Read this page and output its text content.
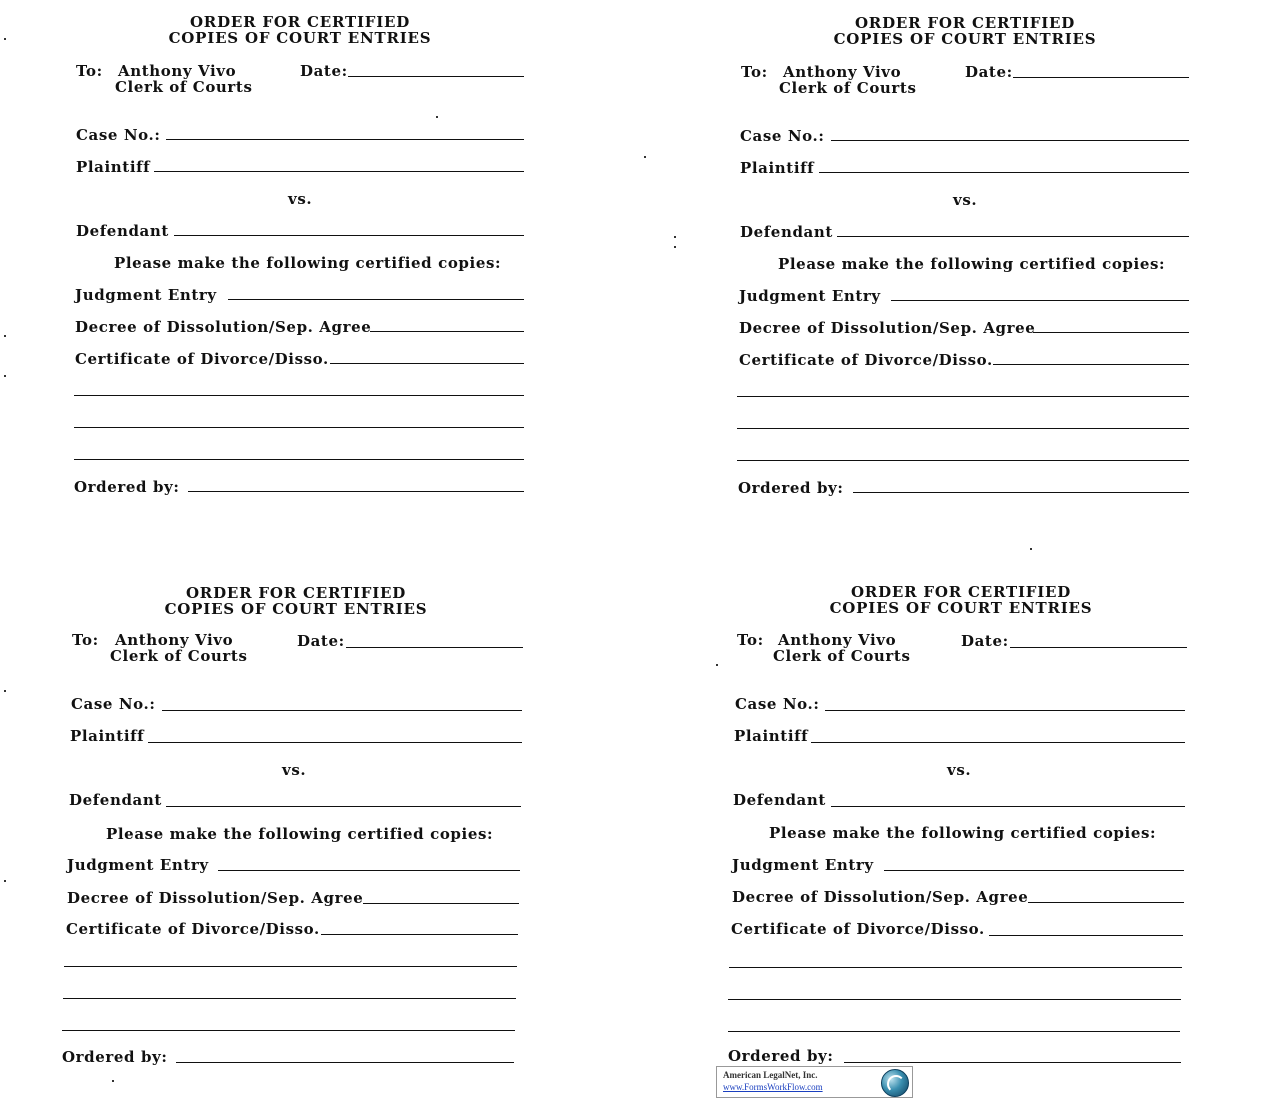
ORDER FOR CERTIFIED
COPIES OF COURT ENTRIES
To: Anthony Vivo
Clerk of Courts
Date:
Case No.:
Plaintiff
vs.
Defendant
Please make the following certified copies:
Judgment Entry
Decree of Dissolution/Sep. Agree
Certificate of Divorce/Disso.
Ordered by:
ORDER FOR CERTIFIED
COPIES OF COURT ENTRIES
To: Anthony Vivo
Clerk of Courts
Date:
Case No.:
Plaintiff
vs.
Defendant
Please make the following certified copies:
Judgment Entry
Decree of Dissolution/Sep. Agree
Certificate of Divorce/Disso.
Ordered by:
ORDER FOR CERTIFIED
COPIES OF COURT ENTRIES
To: Anthony Vivo
Clerk of Courts
Date:
Case No.:
Plaintiff
vs.
Defendant
Please make the following certified copies:
Judgment Entry
Decree of Dissolution/Sep. Agree
Certificate of Divorce/Disso.
Ordered by:
ORDER FOR CERTIFIED
COPIES OF COURT ENTRIES
To: Anthony Vivo
Clerk of Courts
Date:
Case No.:
Plaintiff
vs.
Defendant
Please make the following certified copies:
Judgment Entry
Decree of Dissolution/Sep. Agree
Certificate of Divorce/Disso.
Ordered by:
American LegalNet, Inc.
www.FormsWorkFlow.com
